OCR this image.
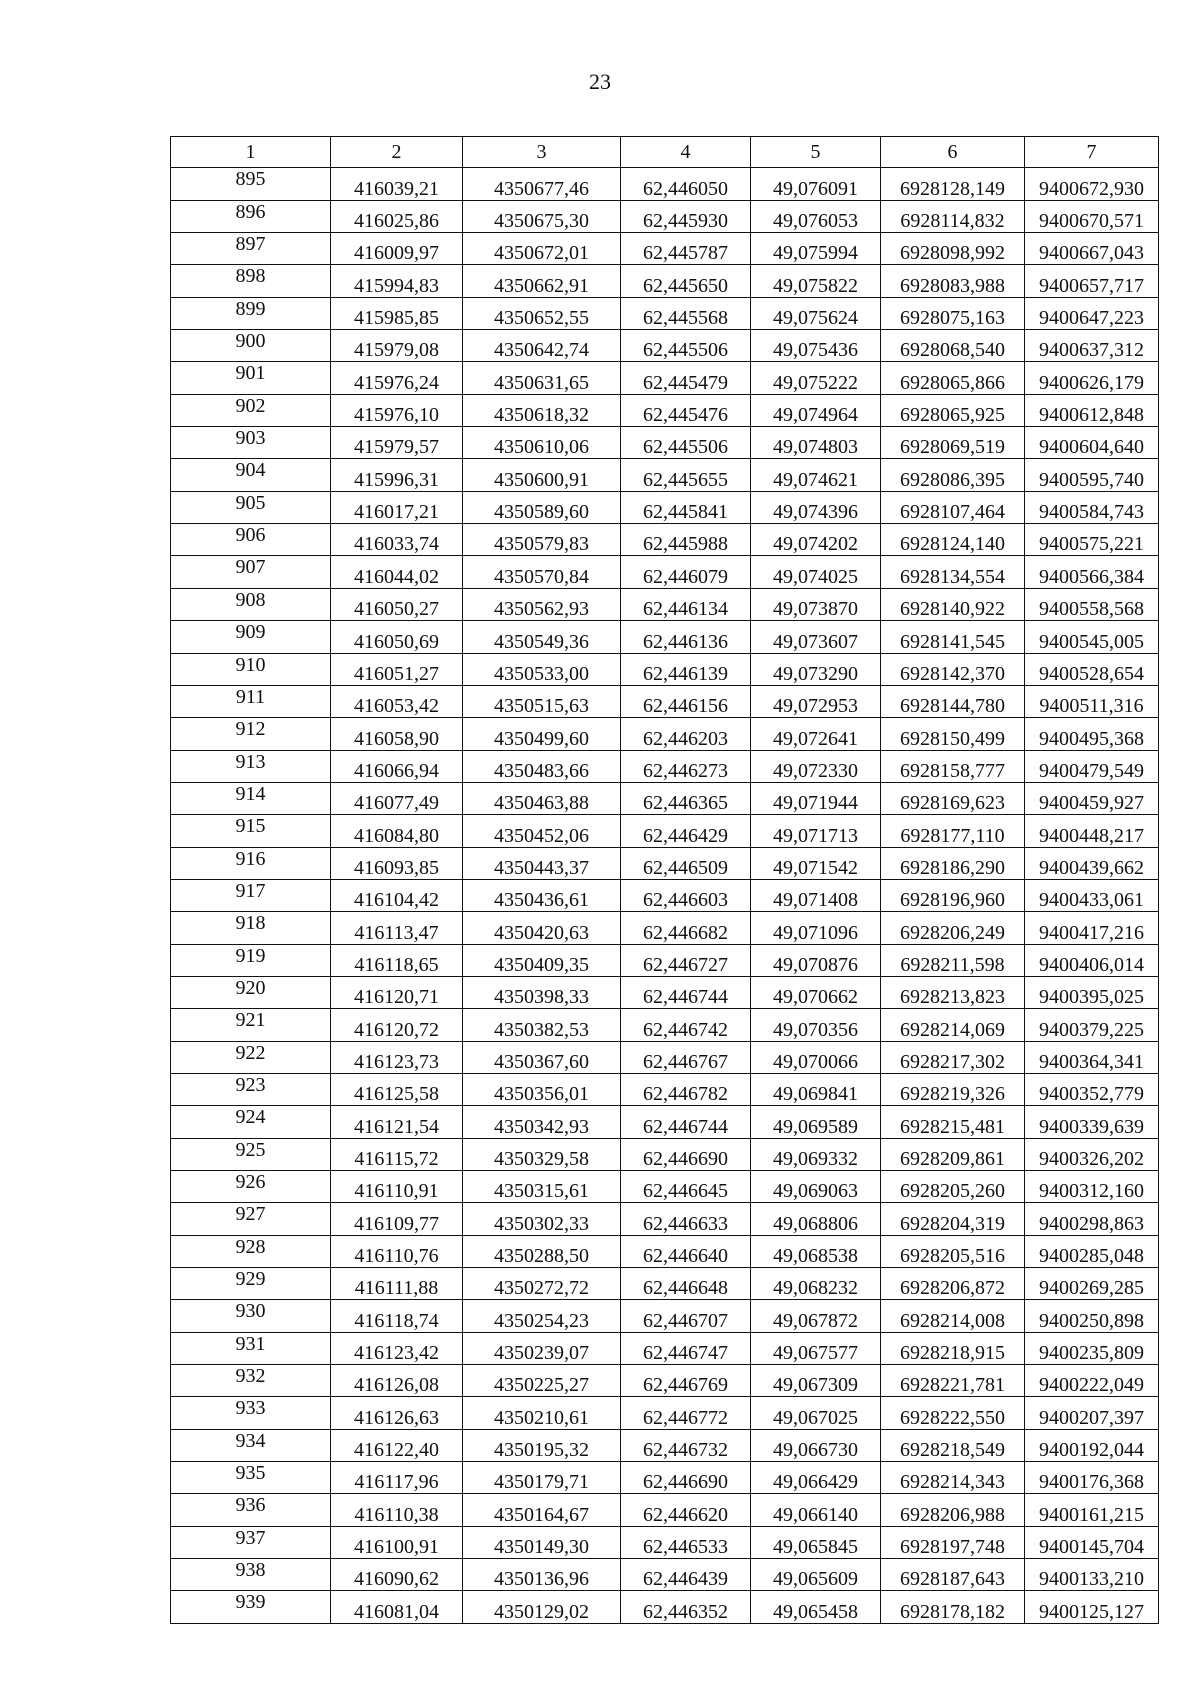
23
1	2	3	4	5	6	7
895	416039,21	4350677,46	62,446050	49,076091	6928128,149	9400672,930
896	416025,86	4350675,30	62,445930	49,076053	6928114,832	9400670,571
897	416009,97	4350672,01	62,445787	49,075994	6928098,992	9400667,043
898	415994,83	4350662,91	62,445650	49,075822	6928083,988	9400657,717
899	415985,85	4350652,55	62,445568	49,075624	6928075,163	9400647,223
900	415979,08	4350642,74	62,445506	49,075436	6928068,540	9400637,312
901	415976,24	4350631,65	62,445479	49,075222	6928065,866	9400626,179
902	415976,10	4350618,32	62,445476	49,074964	6928065,925	9400612,848
903	415979,57	4350610,06	62,445506	49,074803	6928069,519	9400604,640
904	415996,31	4350600,91	62,445655	49,074621	6928086,395	9400595,740
905	416017,21	4350589,60	62,445841	49,074396	6928107,464	9400584,743
906	416033,74	4350579,83	62,445988	49,074202	6928124,140	9400575,221
907	416044,02	4350570,84	62,446079	49,074025	6928134,554	9400566,384
908	416050,27	4350562,93	62,446134	49,073870	6928140,922	9400558,568
909	416050,69	4350549,36	62,446136	49,073607	6928141,545	9400545,005
910	416051,27	4350533,00	62,446139	49,073290	6928142,370	9400528,654
911	416053,42	4350515,63	62,446156	49,072953	6928144,780	9400511,316
912	416058,90	4350499,60	62,446203	49,072641	6928150,499	9400495,368
913	416066,94	4350483,66	62,446273	49,072330	6928158,777	9400479,549
914	416077,49	4350463,88	62,446365	49,071944	6928169,623	9400459,927
915	416084,80	4350452,06	62,446429	49,071713	6928177,110	9400448,217
916	416093,85	4350443,37	62,446509	49,071542	6928186,290	9400439,662
917	416104,42	4350436,61	62,446603	49,071408	6928196,960	9400433,061
918	416113,47	4350420,63	62,446682	49,071096	6928206,249	9400417,216
919	416118,65	4350409,35	62,446727	49,070876	6928211,598	9400406,014
920	416120,71	4350398,33	62,446744	49,070662	6928213,823	9400395,025
921	416120,72	4350382,53	62,446742	49,070356	6928214,069	9400379,225
922	416123,73	4350367,60	62,446767	49,070066	6928217,302	9400364,341
923	416125,58	4350356,01	62,446782	49,069841	6928219,326	9400352,779
924	416121,54	4350342,93	62,446744	49,069589	6928215,481	9400339,639
925	416115,72	4350329,58	62,446690	49,069332	6928209,861	9400326,202
926	416110,91	4350315,61	62,446645	49,069063	6928205,260	9400312,160
927	416109,77	4350302,33	62,446633	49,068806	6928204,319	9400298,863
928	416110,76	4350288,50	62,446640	49,068538	6928205,516	9400285,048
929	416111,88	4350272,72	62,446648	49,068232	6928206,872	9400269,285
930	416118,74	4350254,23	62,446707	49,067872	6928214,008	9400250,898
931	416123,42	4350239,07	62,446747	49,067577	6928218,915	9400235,809
932	416126,08	4350225,27	62,446769	49,067309	6928221,781	9400222,049
933	416126,63	4350210,61	62,446772	49,067025	6928222,550	9400207,397
934	416122,40	4350195,32	62,446732	49,066730	6928218,549	9400192,044
935	416117,96	4350179,71	62,446690	49,066429	6928214,343	9400176,368
936	416110,38	4350164,67	62,446620	49,066140	6928206,988	9400161,215
937	416100,91	4350149,30	62,446533	49,065845	6928197,748	9400145,704
938	416090,62	4350136,96	62,446439	49,065609	6928187,643	9400133,210
939	416081,04	4350129,02	62,446352	49,065458	6928178,182	9400125,127
